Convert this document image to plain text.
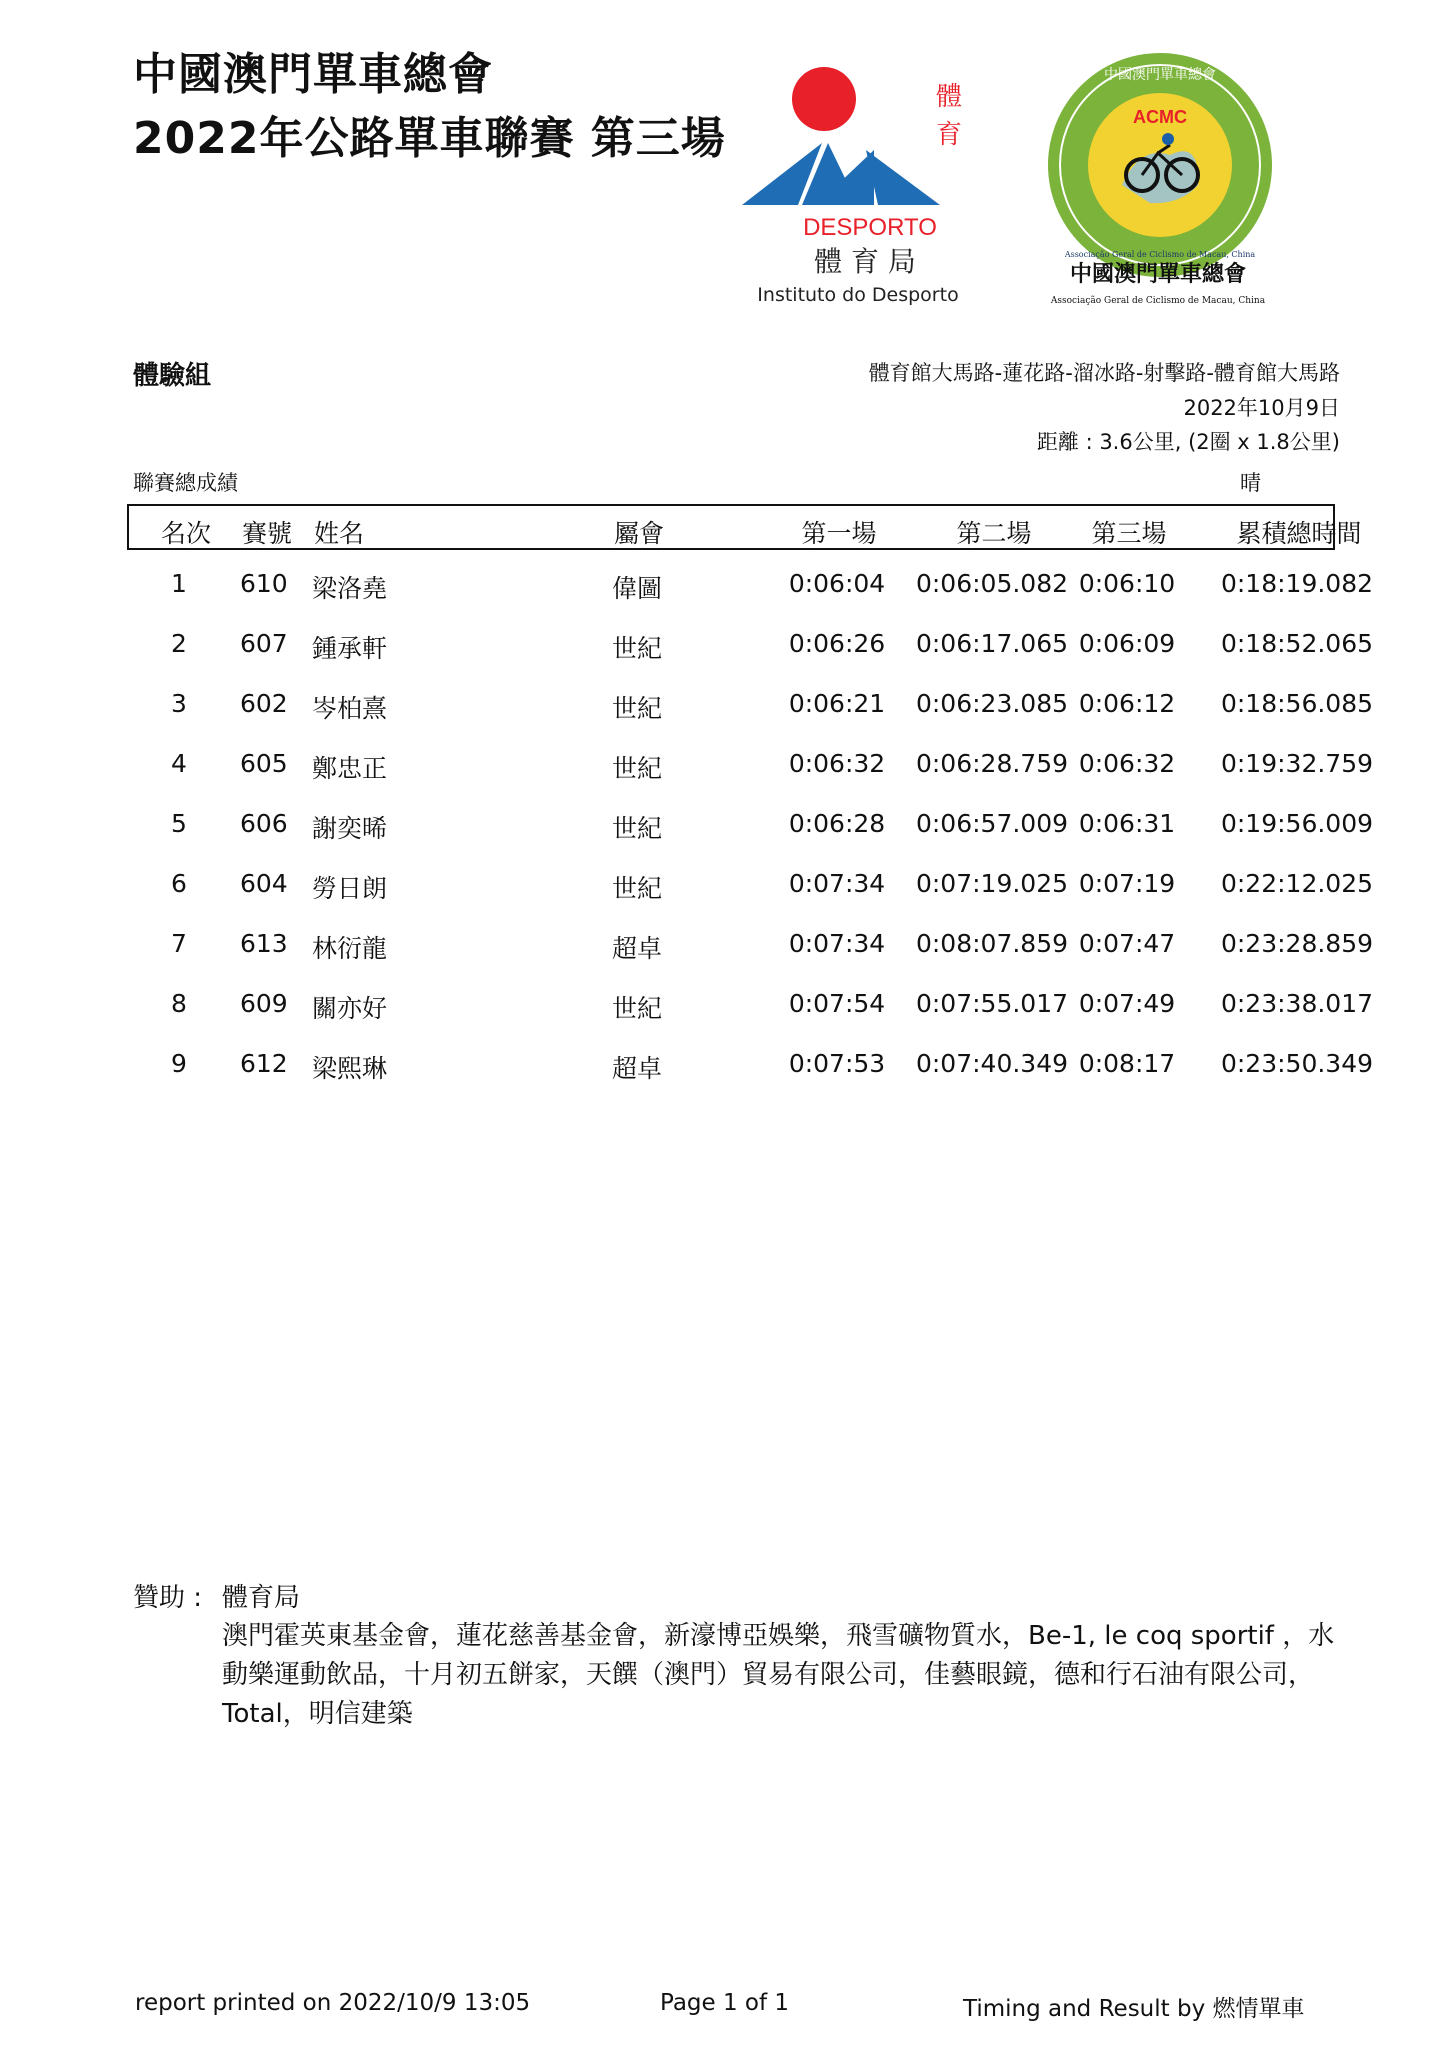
中國澳門單車總會
2022年公路單車聯賽 第三場
體
育
DESPORTO
體 育 局
Instituto do Desporto
ACMC
中國澳門單車總會
Associação Geral de Ciclismo de Macau, China
中國澳門單車總會
Associação Geral de Ciclismo de Macau, China
體驗組	體育館大馬路-蓮花路-溜冰路-射擊路-體育館大馬路
2022年10月9日
距離 : 3.6公里, (2圈 x 1.8公里)
聯賽總成績	晴
名次 賽號 姓名	屬會	第一場	第二場	第三場	累積總時間
1	610 梁洛堯	偉圖	0:06:04	0:06:05.082 0:06:10	0:18:19.082
2	607 鍾承軒	世紀	0:06:26	0:06:17.065 0:06:09	0:18:52.065
3	602 岑柏熹	世紀	0:06:21	0:06:23.085 0:06:12	0:18:56.085
4	605 鄭忠正	世紀	0:06:32	0:06:28.759 0:06:32	0:19:32.759
5	606 謝奕晞	世紀	0:06:28	0:06:57.009 0:06:31	0:19:56.009
6	604 勞日朗	世紀	0:07:34	0:07:19.025 0:07:19	0:22:12.025
7	613 林衍龍	超卓	0:07:34	0:08:07.859 0:07:47	0:23:28.859
8	609 關亦好	世紀	0:07:54	0:07:55.017 0:07:49	0:23:38.017
9	612 梁熙琳	超卓	0:07:53	0:07:40.349 0:08:17	0:23:50.349
贊助 : 體育局
澳門霍英東基金會，蓮花慈善基金會，新濠博亞娛樂，飛雪礦物質水，Be-1, le coq sportif ，水動樂運動飲品，十月初五餅家，天饌（澳門）貿易有限公司，佳藝眼鏡，德和行石油有限公司，Total，明信建築
report printed on 2022/10/9 13:05	Page 1 of 1	Timing and Result by 燃情單車
